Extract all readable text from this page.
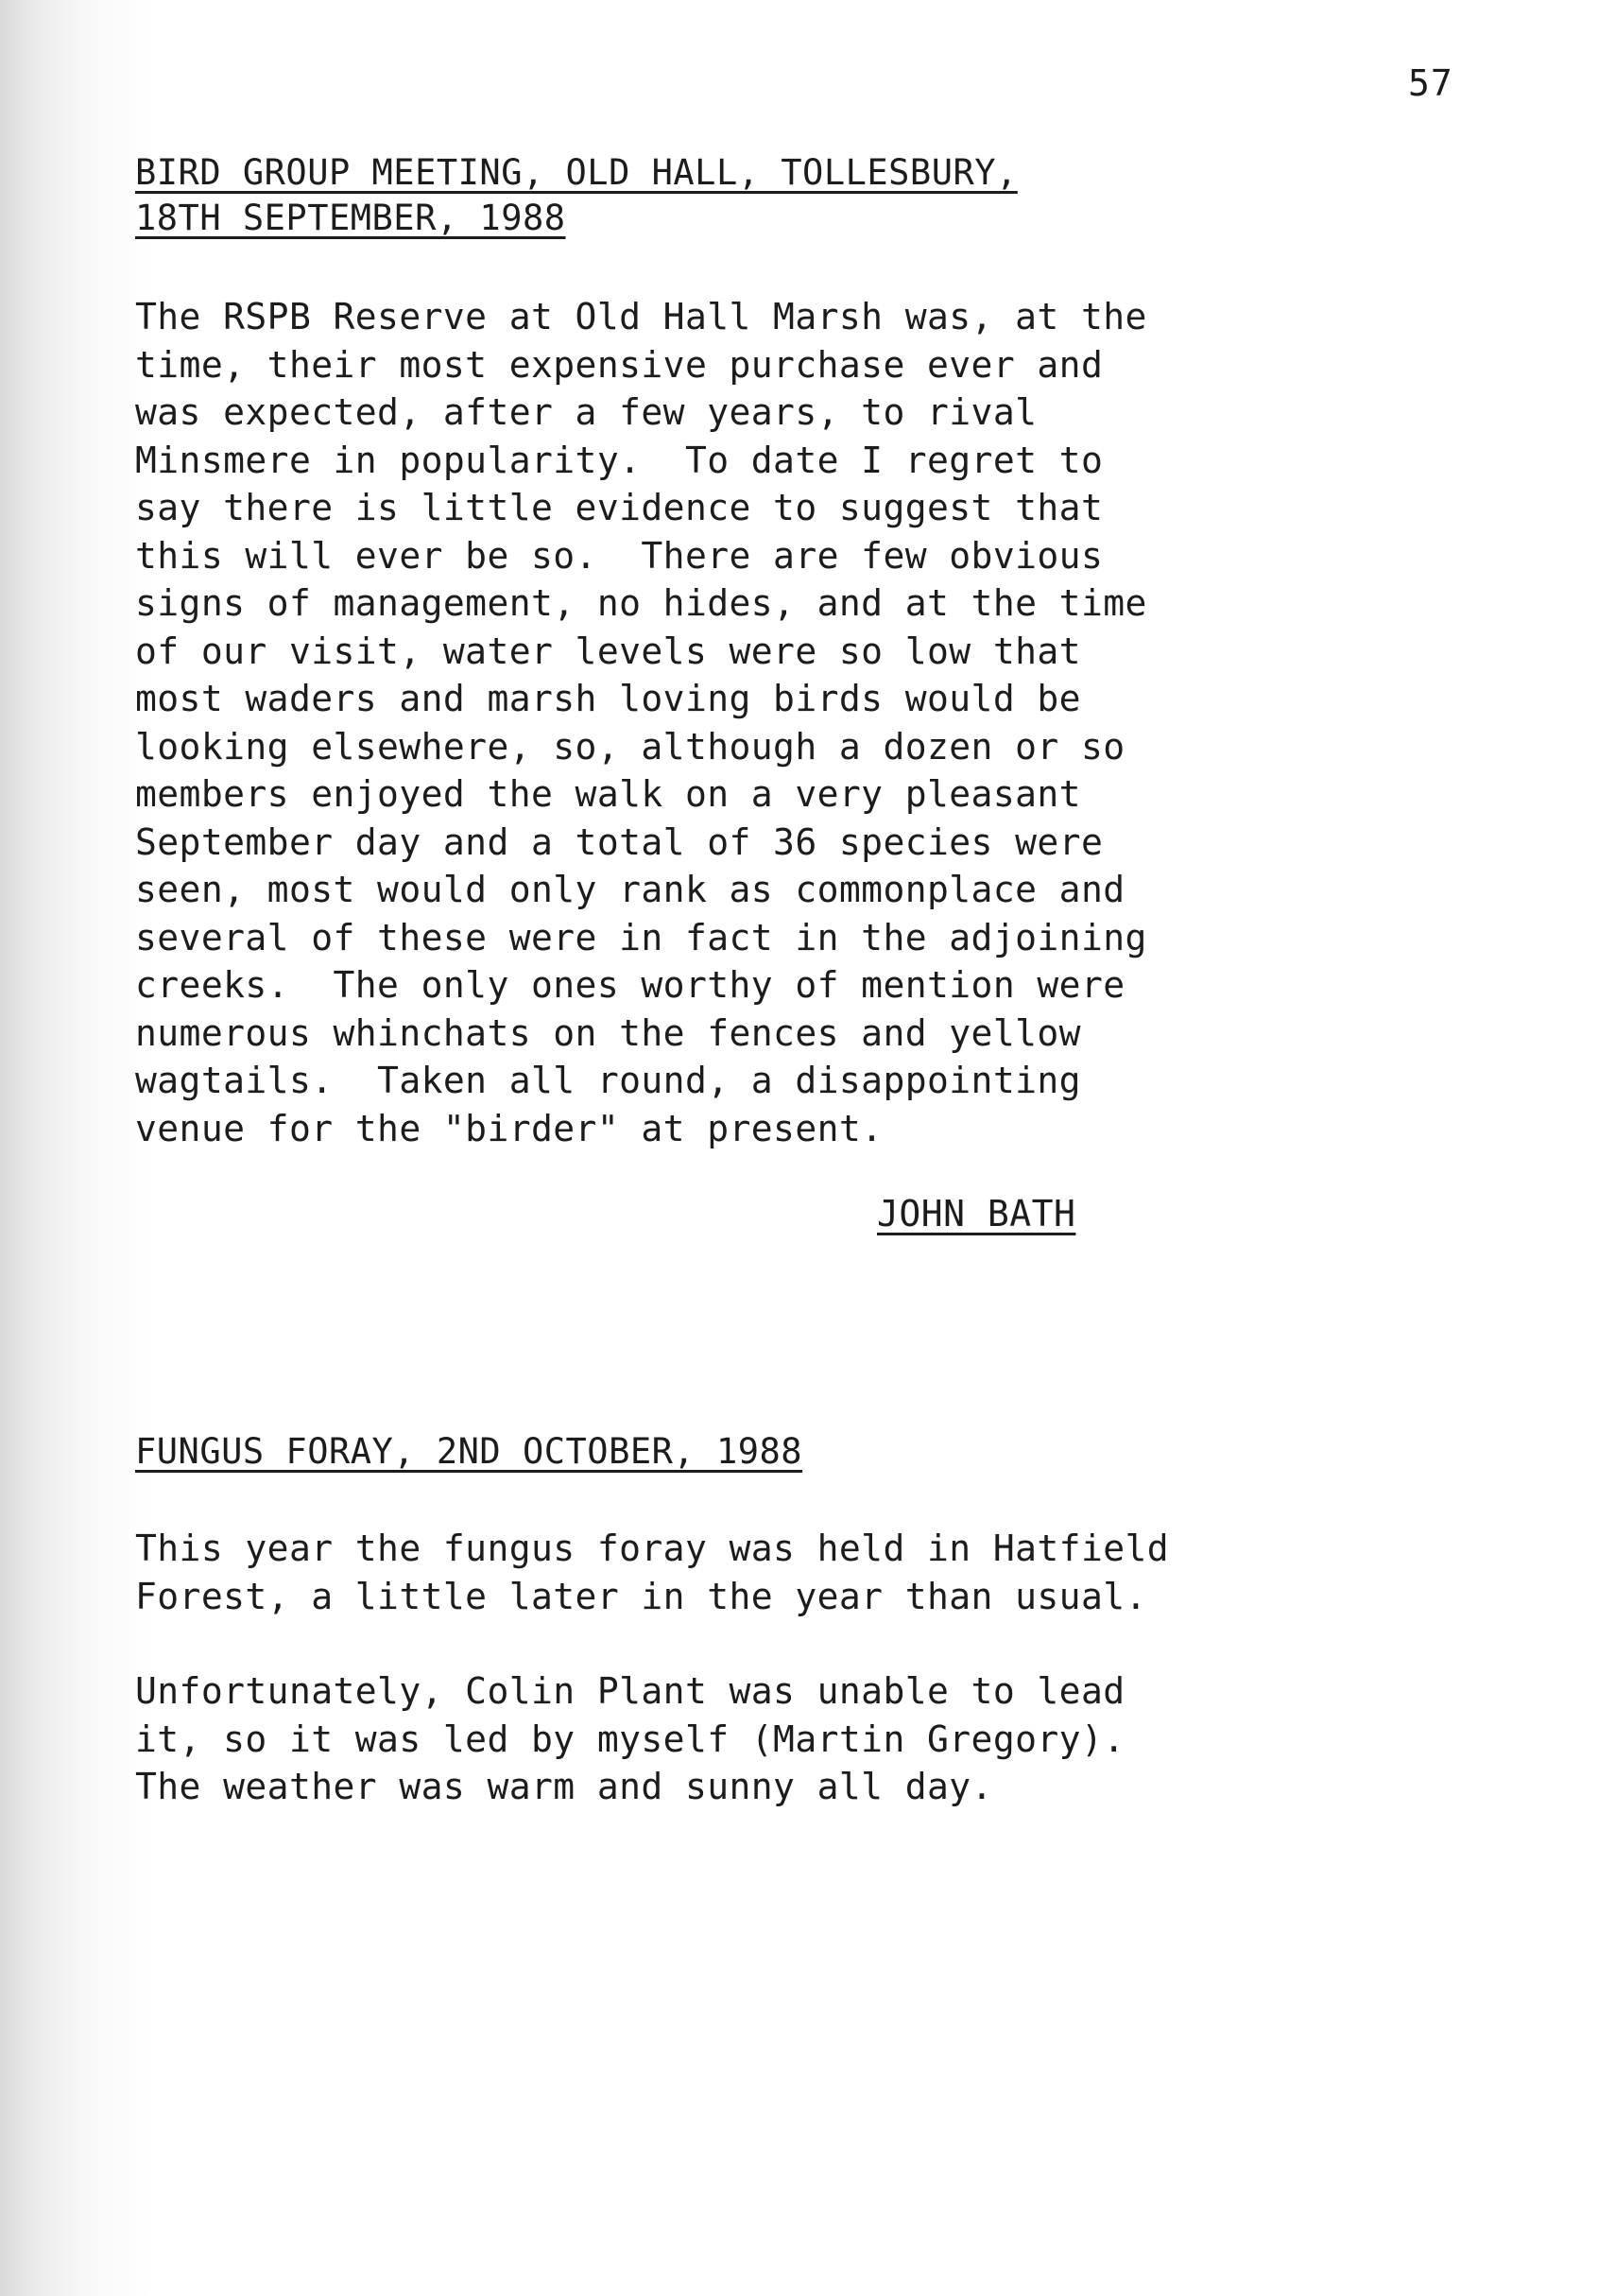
57
BIRD GROUP MEETING, OLD HALL, TOLLESBURY,
18TH SEPTEMBER, 1988

The RSPB Reserve at Old Hall Marsh was, at the

time, their most expensive purchase ever and

was expected, after a few years, to rival

Minsmere in popularity.  To date I regret to

say there is little evidence to suggest that

this will ever be so.  There are few obvious

signs of management, no hides, and at the time

of our visit, water levels were so low that

most waders and marsh loving birds would be

looking elsewhere, so, although a dozen or so

members enjoyed the walk on a very pleasant

September day and a total of 36 species were

seen, most would only rank as commonplace and

several of these were in fact in the adjoining

creeks.  The only ones worthy of mention were

numerous whinchats on the fences and yellow

wagtails.  Taken all round, a disappointing

venue for the "birder" at present.

JOHN BATH
FUNGUS FORAY, 2ND OCTOBER, 1988

This year the fungus foray was held in Hatfield

Forest, a little later in the year than usual.

Unfortunately, Colin Plant was unable to lead

it, so it was led by myself (Martin Gregory).

The weather was warm and sunny all day.
